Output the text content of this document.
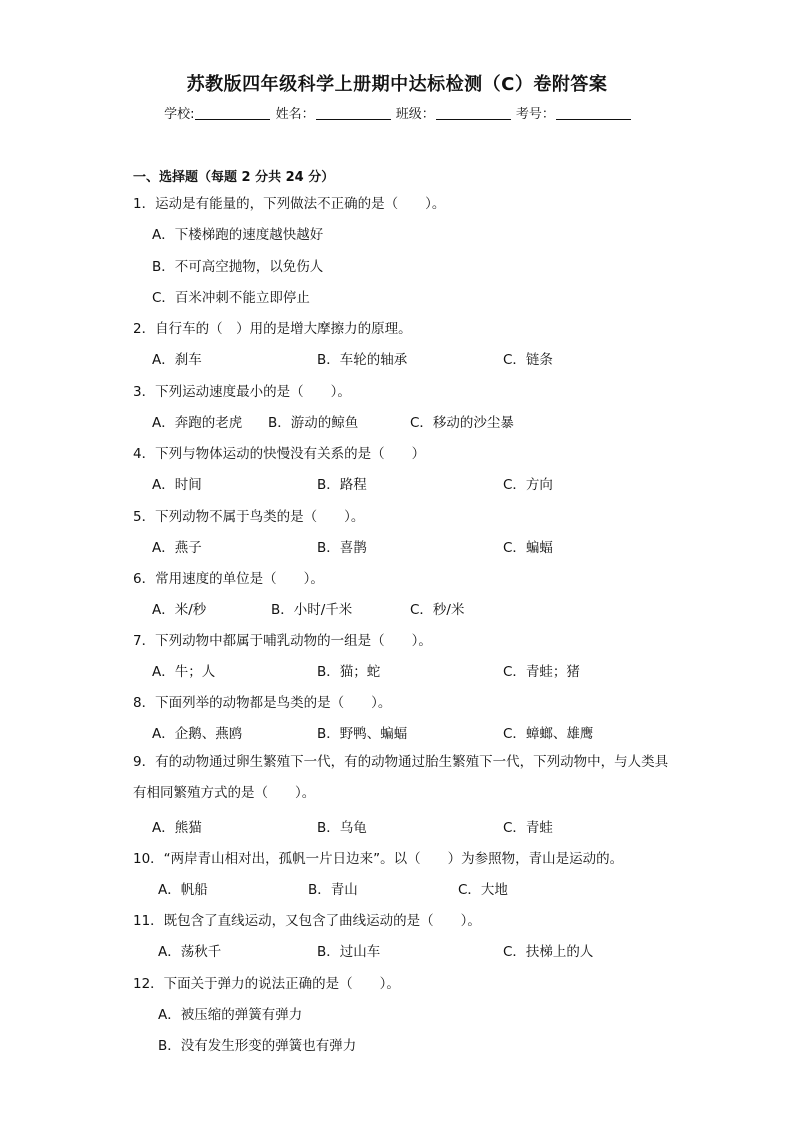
苏教版四年级科学上册期中达标检测（C）卷附答案
学校:	姓名：	班级：	考号：
一、选择题（每题 2 分共 24 分）
1．运动是有能量的，下列做法不正确的是（　　）。
A．下楼梯跑的速度越快越好
B．不可高空抛物，以免伤人
C．百米冲刺不能立即停止
2．自行车的（　）用的是增大摩擦力的原理。
A．刹车	B．车轮的轴承	C．链条
3．下列运动速度最小的是（　　）。
A．奔跑的老虎 B．游动的鲸鱼	C．移动的沙尘暴
4．下列与物体运动的快慢没有关系的是（　　）
A．时间	B．路程	C．方向
5．下列动物不属于鸟类的是（　　）。
A．燕子	B．喜鹊	C．蝙蝠
6．常用速度的单位是（　　）。
A．米/秒	B．小时/千米	C．秒/米
7．下列动物中都属于哺乳动物的一组是（　　）。
A．牛；人	B．猫；蛇	C．青蛙；猪
8．下面列举的动物都是鸟类的是（　　）。
A．企鹅、燕鸥	B．野鸭、蝙蝠	C．蟑螂、雄鹰
9．有的动物通过卵生繁殖下一代，有的动物通过胎生繁殖下一代，下列动物中，与人类具有相同繁殖方式的是（　　）。
A．熊猫	B．乌龟	C．青蛙
10．“两岸青山相对出，孤帆一片日边来”。以（　　）为参照物，青山是运动的。
A．帆船	B．青山	C．大地
11．既包含了直线运动，又包含了曲线运动的是（　　）。
A．荡秋千	B．过山车	C．扶梯上的人
12．下面关于弹力的说法正确的是（　　）。
A．被压缩的弹簧有弹力
B．没有发生形变的弹簧也有弹力
